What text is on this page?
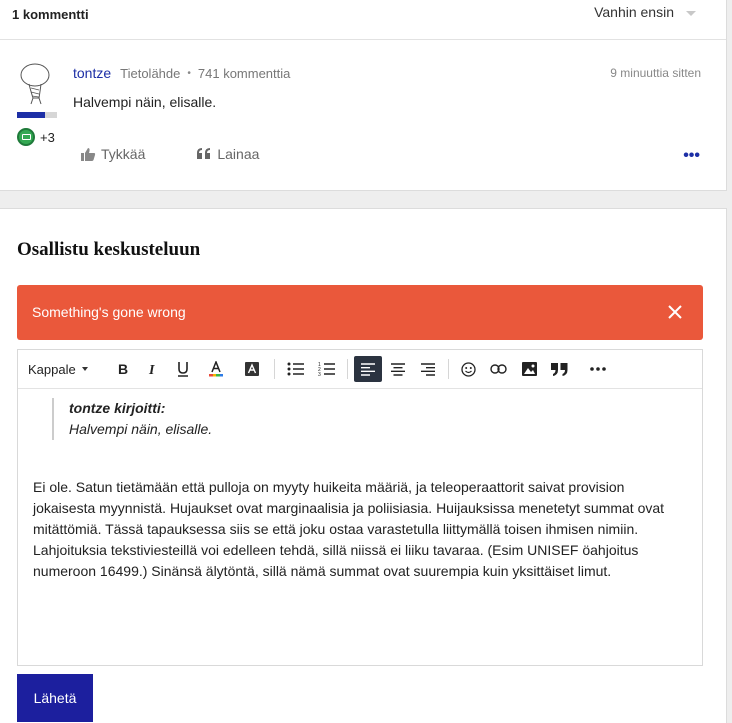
1 kommentti	Vanhin ensin
+3
tontze Tietolähde • 741 kommenttia	9 minuuttia sitten

Halvempi näin, elisalle.

Tykkää	Lainaa	•••
Osallistu keskusteluun
Something's gone wrong
Kappale	B I	1
2
3
tontze kirjoitti:
Halvempi näin, elisalle.

Ei ole. Satun tietämään että pulloja on myyty huikeita määriä, ja teleoperaattorit saivat provision jokaisesta myynnistä. Hujaukset ovat marginaalisia ja poliisiasia. Huijauksissa menetetyt summat ovat mitättömiä. Tässä tapauksessa siis se että joku ostaa varastetulla liittymällä toisen ihmisen nimiin. Lahjoituksia tekstiviesteillä voi edelleen tehdä, sillä niissä ei liiku tavaraa. (Esim UNISEF öahjoitus numeroon 16499.) Sinänsä älytöntä, sillä nämä summat ovat suurempia kuin yksittäiset limut.

Lähetä
